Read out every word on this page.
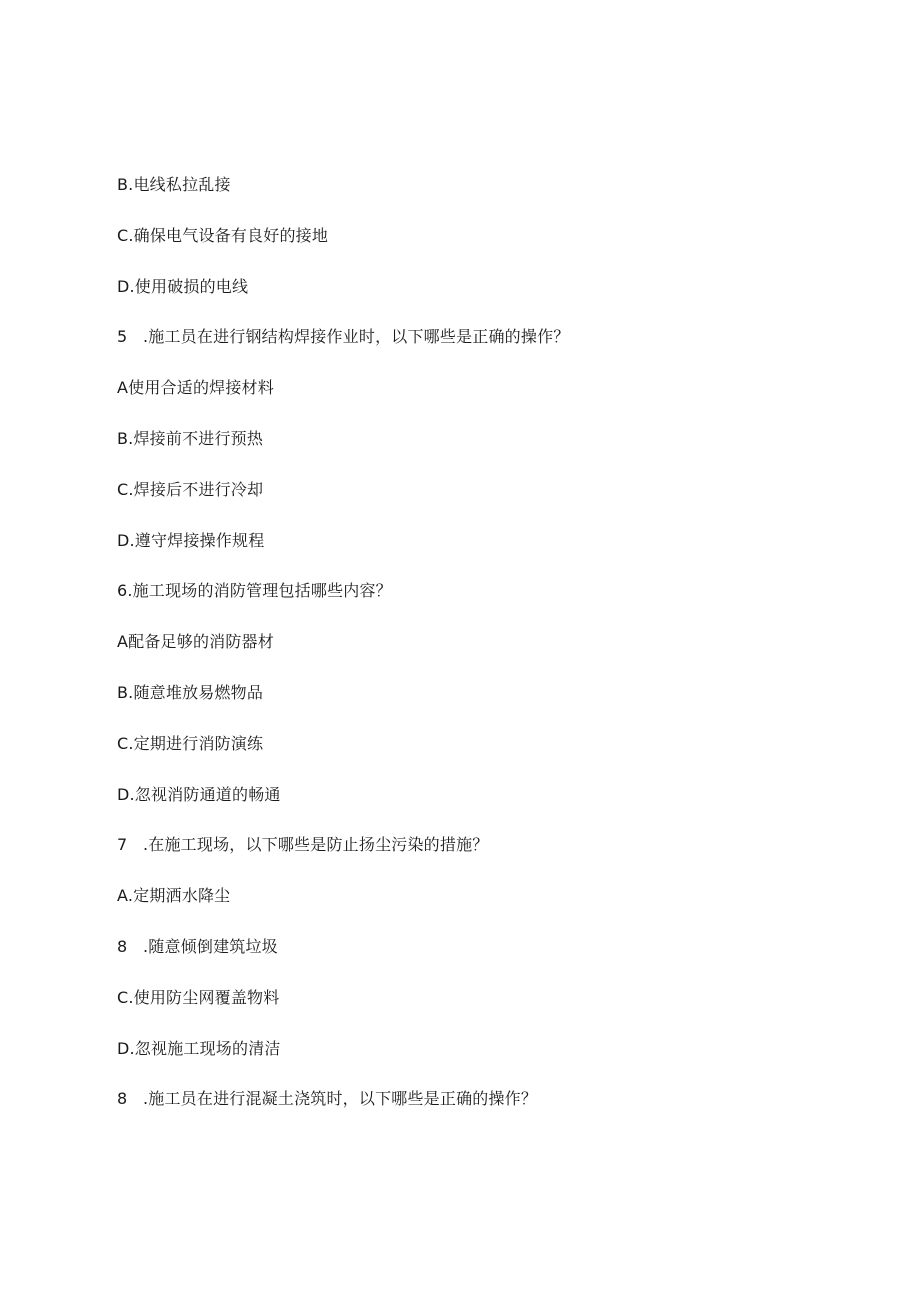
B.电线私拉乱接
C.确保电气设备有良好的接地
D.使用破损的电线
5 .施工员在进行钢结构焊接作业时，以下哪些是正确的操作？
A使用合适的焊接材料
B.焊接前不进行预热
C.焊接后不进行冷却
D.遵守焊接操作规程
6.施工现场的消防管理包括哪些内容？
A配备足够的消防器材
B.随意堆放易燃物品
C.定期进行消防演练
D.忽视消防通道的畅通
7 .在施工现场，以下哪些是防止扬尘污染的措施？
A.定期洒水降尘
8 .随意倾倒建筑垃圾
C.使用防尘网覆盖物料
D.忽视施工现场的清洁
8 .施工员在进行混凝土浇筑时，以下哪些是正确的操作？
